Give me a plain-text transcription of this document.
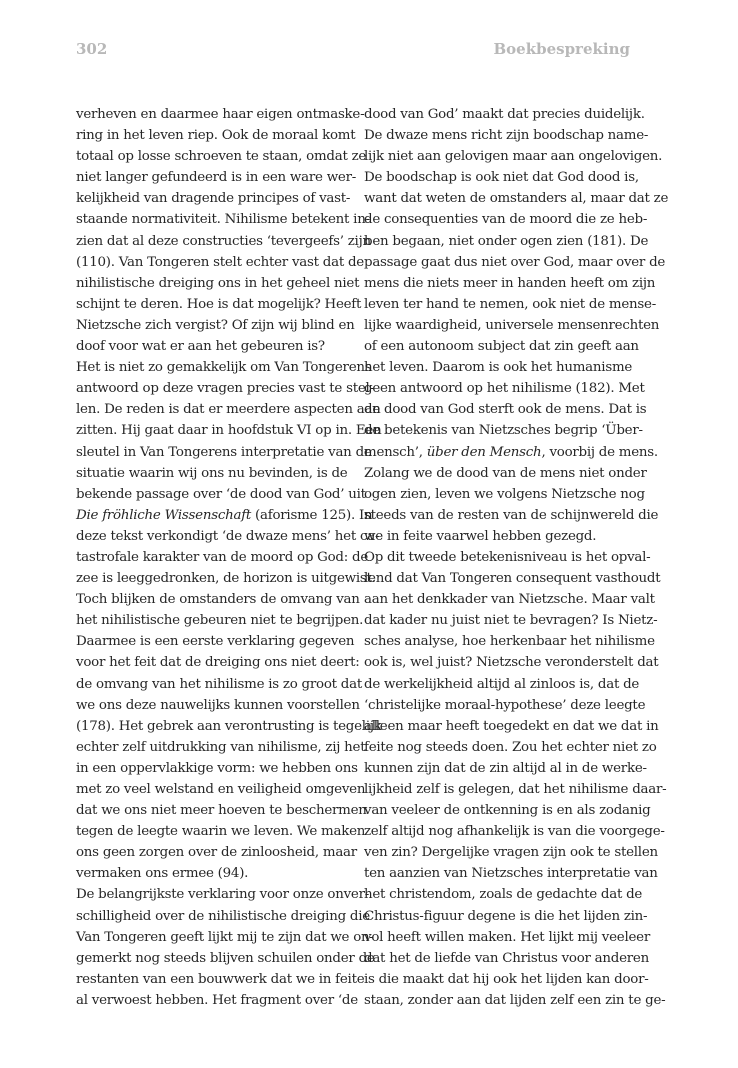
302	Boekbespreking
verheven en daarmee haar eigen ontmaske-
ring in het leven riep. Ook de moraal komt
totaal op losse schroeven te staan, omdat ze
niet langer gefundeerd is in een ware wer-
kelijkheid van dragende principes of vast-
staande normativiteit. Nihilisme betekent in-
zien dat al deze constructies ‘tevergeefs’ zijn
(110). Van Tongeren stelt echter vast dat de
nihilistische dreiging ons in het geheel niet
schijnt te deren. Hoe is dat mogelijk? Heeft
Nietzsche zich vergist? Of zijn wij blind en
doof voor wat er aan het gebeuren is?
Het is niet zo gemakkelijk om Van Tongerens
antwoord op deze vragen precies vast te stel-
len. De reden is dat er meerdere aspecten aan
zitten. Hij gaat daar in hoofdstuk VI op in. Een
sleutel in Van Tongerens interpretatie van de
situatie waarin wij ons nu bevinden, is de
bekende passage over ‘de dood van God’ uit
Die fröhliche Wissenschaft (aforisme 125). In
deze tekst verkondigt ‘de dwaze mens’ het ca-
tastrofale karakter van de moord op God: de
zee is leeggedronken, de horizon is uitgewist.
Toch blijken de omstanders de omvang van
het nihilistische gebeuren niet te begrijpen.
Daarmee is een eerste verklaring gegeven
voor het feit dat de dreiging ons niet deert:
de omvang van het nihilisme is zo groot dat
we ons deze nauwelijks kunnen voorstellen
(178). Het gebrek aan verontrusting is tegelijk
echter zelf uitdrukking van nihilisme, zij het
in een oppervlakkige vorm: we hebben ons
met zo veel welstand en veiligheid omgeven
dat we ons niet meer hoeven te beschermen
tegen de leegte waarin we leven. We maken
ons geen zorgen over de zinloosheid, maar
vermaken ons ermee (94).
De belangrijkste verklaring voor onze onver-
schilligheid over de nihilistische dreiging die
Van Tongeren geeft lijkt mij te zijn dat we on-
gemerkt nog steeds blijven schuilen onder de
restanten van een bouwwerk dat we in feite
al verwoest hebben. Het fragment over ‘de
dood van God’ maakt dat precies duidelijk.
De dwaze mens richt zijn boodschap name-
lijk niet aan gelovigen maar aan ongelovigen.
De boodschap is ook niet dat God dood is,
want dat weten de omstanders al, maar dat ze
de consequenties van de moord die ze heb-
ben begaan, niet onder ogen zien (181). De
passage gaat dus niet over God, maar over de
mens die niets meer in handen heeft om zijn
leven ter hand te nemen, ook niet de mense-
lijke waardigheid, universele mensenrechten
of een autonoom subject dat zin geeft aan
het leven. Daarom is ook het humanisme
geen antwoord op het nihilisme (182). Met
de dood van God sterft ook de mens. Dat is
de betekenis van Nietzsches begrip ‘Über-
mensch’, über den Mensch, voorbij de mens.
Zolang we de dood van de mens niet onder
ogen zien, leven we volgens Nietzsche nog
steeds van de resten van de schijnwereld die
we in feite vaarwel hebben gezegd.
Op dit tweede betekenisniveau is het opval-
lend dat Van Tongeren consequent vasthoudt
aan het denkkader van Nietzsche. Maar valt
dat kader nu juist niet te bevragen? Is Nietz-
sches analyse, hoe herkenbaar het nihilisme
ook is, wel juist? Nietzsche veronderstelt dat
de werkelijkheid altijd al zinloos is, dat de
‘christelijke moraal-hypothese’ deze leegte
alleen maar heeft toegedekt en dat we dat in
feite nog steeds doen. Zou het echter niet zo
kunnen zijn dat de zin altijd al in de werke-
lijkheid zelf is gelegen, dat het nihilisme daar-
van veeleer de ontkenning is en als zodanig
zelf altijd nog afhankelijk is van die voorgege-
ven zin? Dergelijke vragen zijn ook te stellen
ten aanzien van Nietzsches interpretatie van
het christendom, zoals de gedachte dat de
Christus-figuur degene is die het lijden zin-
vol heeft willen maken. Het lijkt mij veeleer
dat het de liefde van Christus voor anderen
is die maakt dat hij ook het lijden kan door-
staan, zonder aan dat lijden zelf een zin te ge-
